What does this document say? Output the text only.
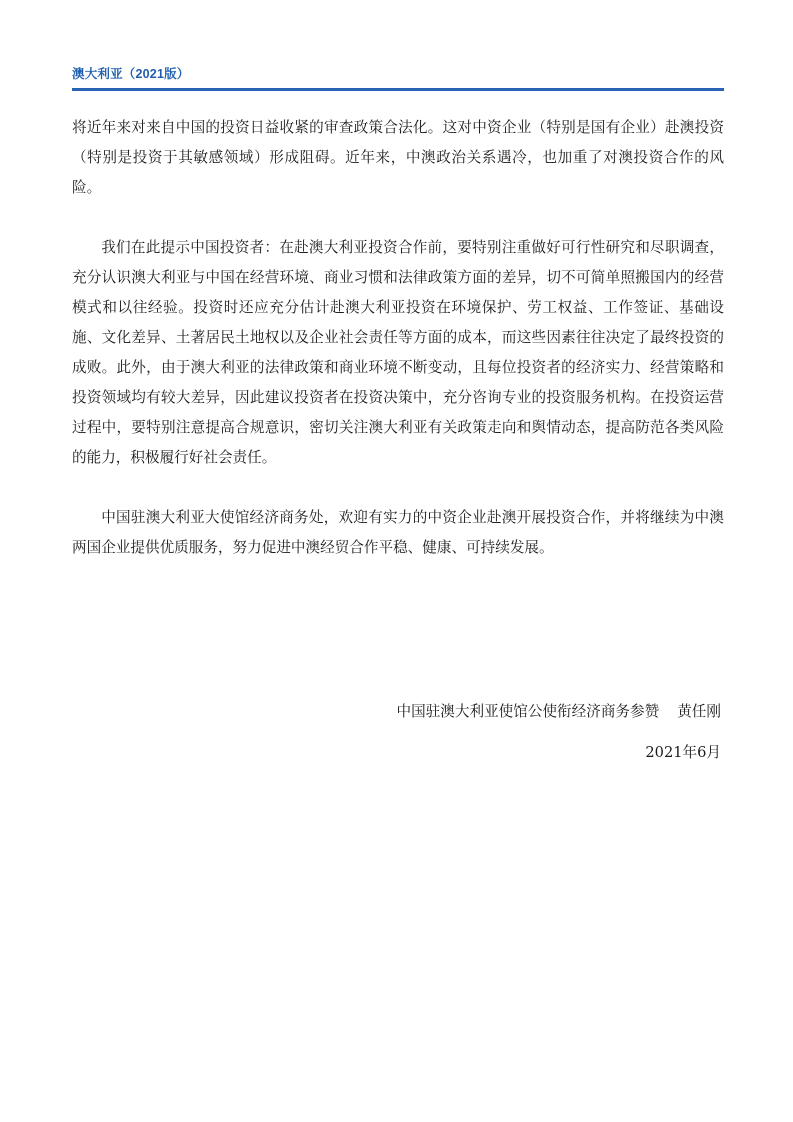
澳大利亚（2021版）

将近年来对来自中国的投资日益收紧的审查政策合法化。这对中资企业（特别是国有企业）赴澳投资（特别是投资于其敏感领域）形成阻碍。近年来，中澳政治关系遇冷，也加重了对澳投资合作的风险。

我们在此提示中国投资者：在赴澳大利亚投资合作前，要特别注重做好可行性研究和尽职调查，充分认识澳大利亚与中国在经营环境、商业习惯和法律政策方面的差异，切不可简单照搬国内的经营模式和以往经验。投资时还应充分估计赴澳大利亚投资在环境保护、劳工权益、工作签证、基础设施、文化差异、土著居民土地权以及企业社会责任等方面的成本，而这些因素往往决定了最终投资的成败。此外，由于澳大利亚的法律政策和商业环境不断变动，且每位投资者的经济实力、经营策略和投资领域均有较大差异，因此建议投资者在投资决策中，充分咨询专业的投资服务机构。在投资运营过程中，要特别注意提高合规意识，密切关注澳大利亚有关政策走向和舆情动态，提高防范各类风险的能力，积极履行好社会责任。

中国驻澳大利亚大使馆经济商务处，欢迎有实力的中资企业赴澳开展投资合作，并将继续为中澳两国企业提供优质服务，努力促进中澳经贸合作平稳、健康、可持续发展。

中国驻澳大利亚使馆公使衔经济商务参赞 黄任刚
2021年6月
